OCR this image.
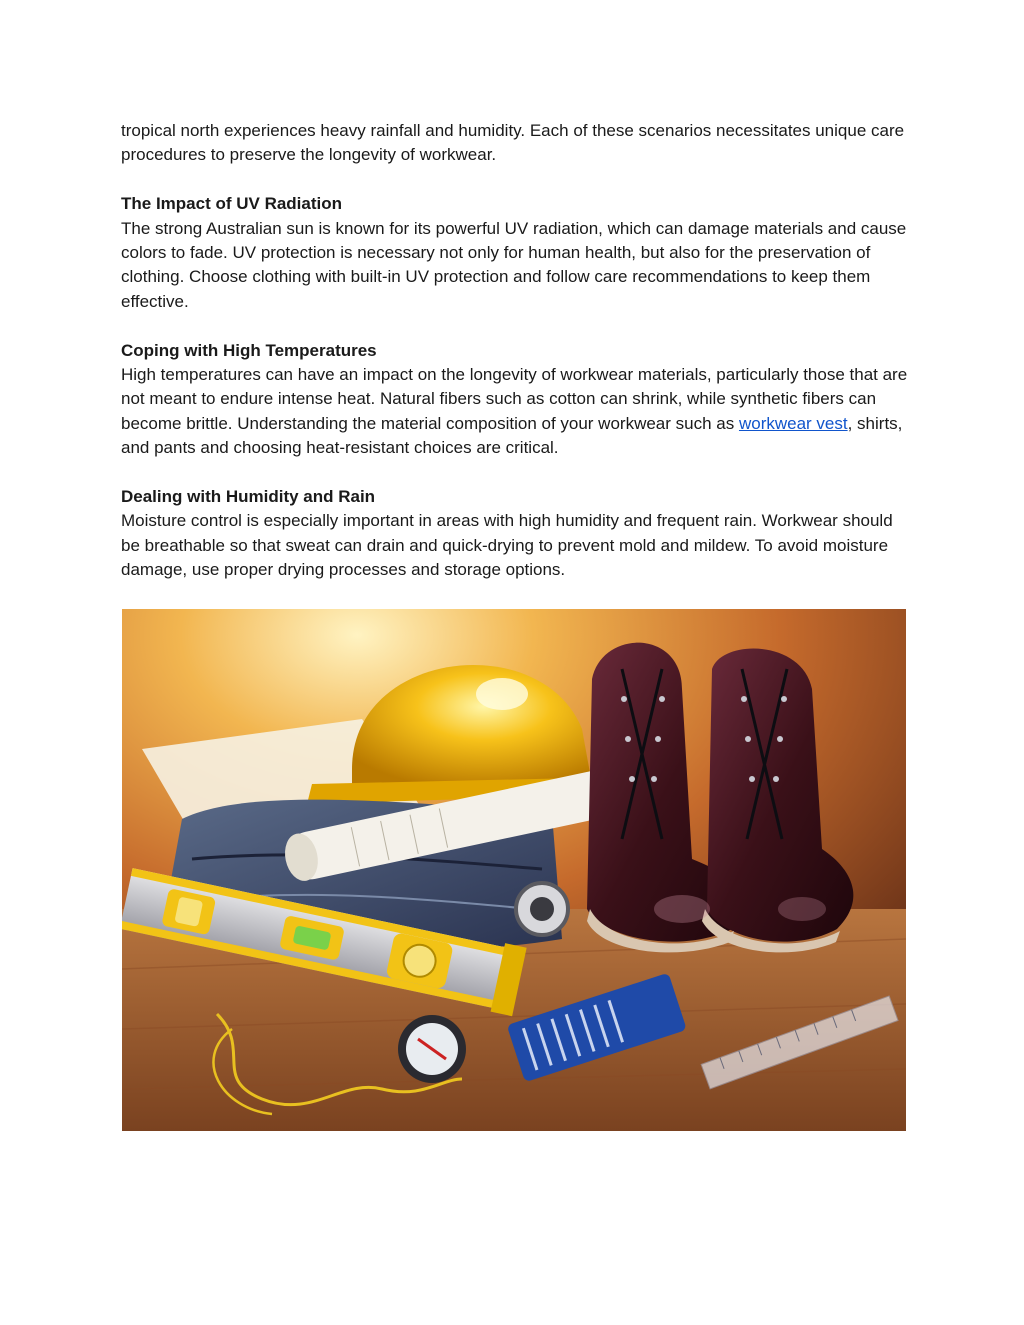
tropical north experiences heavy rainfall and humidity. Each of these scenarios necessitates unique care procedures to preserve the longevity of workwear.

The Impact of UV Radiation

The strong Australian sun is known for its powerful UV radiation, which can damage materials and cause colors to fade. UV protection is necessary not only for human health, but also for the preservation of clothing. Choose clothing with built-in UV protection and follow care recommendations to keep them effective.

Coping with High Temperatures

High temperatures can have an impact on the longevity of workwear materials, particularly those that are not meant to endure intense heat. Natural fibers such as cotton can shrink, while synthetic fibers can become brittle. Understanding the material composition of your workwear such as workwear vest, shirts, and pants and choosing heat-resistant choices are critical.

Dealing with Humidity and Rain

Moisture control is especially important in areas with high humidity and frequent rain. Workwear should be breathable so that sweat can drain and quick-drying to prevent mold and mildew. To avoid moisture damage, use proper drying processes and storage options.
